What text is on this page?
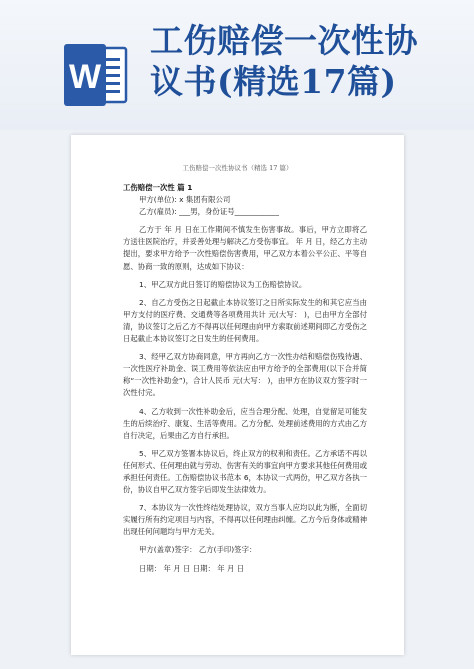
W
工伤赔偿一次性协
议书(精选17篇)
工伤赔偿一次性协议书（精选 17 篇）

工伤赔偿一次性 篇 1

甲方(单位): x 集团有限公司

乙方(雇员): ___男，身份证号____________

乙方于 年 月 日在工作期间不慎发生伤害事故。事后，甲方立即将乙方送往医院治疗，并妥善处理与解决乙方受伤事宜。 年 月 日，经乙方主动提出，要求甲方给予一次性赔偿伤害费用，甲乙双方本着公平公正、平等自愿、协商一致的原则，达成如下协议：

1、甲乙双方此日签订的赔偿协议为工伤赔偿协议。

2、自乙方受伤之日起截止本协议签订之日所实际发生的和其它应当由甲方支付的医疗费、交通费等各项费用共计 元(大写： )，已由甲方全部付清，协议签订之后乙方不得再以任何理由向甲方索取前述期间即乙方受伤之日起截止本协议签订之日发生的任何费用。

3、经甲乙双方协商同意，甲方再向乙方一次性办结和赔偿伤残待遇、一次性医疗补助金、误工费用等依法应由甲方给予的全部费用(以下合并简称“一次性补助金”)，合计人民币 元(大写： )，由甲方在协议双方签字时一次性付完。

4、乙方收到一次性补助金后，应当合理分配、处理，自觉留足可能发生的后续治疗、康复、生活等费用。乙方分配、处理前述费用的方式由乙方自行决定，后果由乙方自行承担。

5、甲乙双方签署本协议后，终止双方的权利和责任。乙方承诺不再以任何形式、任何理由就与劳动、伤害有关的事宜向甲方要求其他任何费用或承担任何责任。工伤赔偿协议书范本 6，本协议一式两份，甲乙双方各执一份，协议自甲乙双方签字后即发生法律效力。

7、本协议为一次性终结处理协议，双方当事人应均以此为断，全面切实履行所有约定项目与内容，不得再以任何理由纠缠。乙方今后身体或精神出现任何问题均与甲方无关。

甲方(盖章)签字： 乙方(手印)签字：

日期： 年 月 日 日期： 年 月 日
